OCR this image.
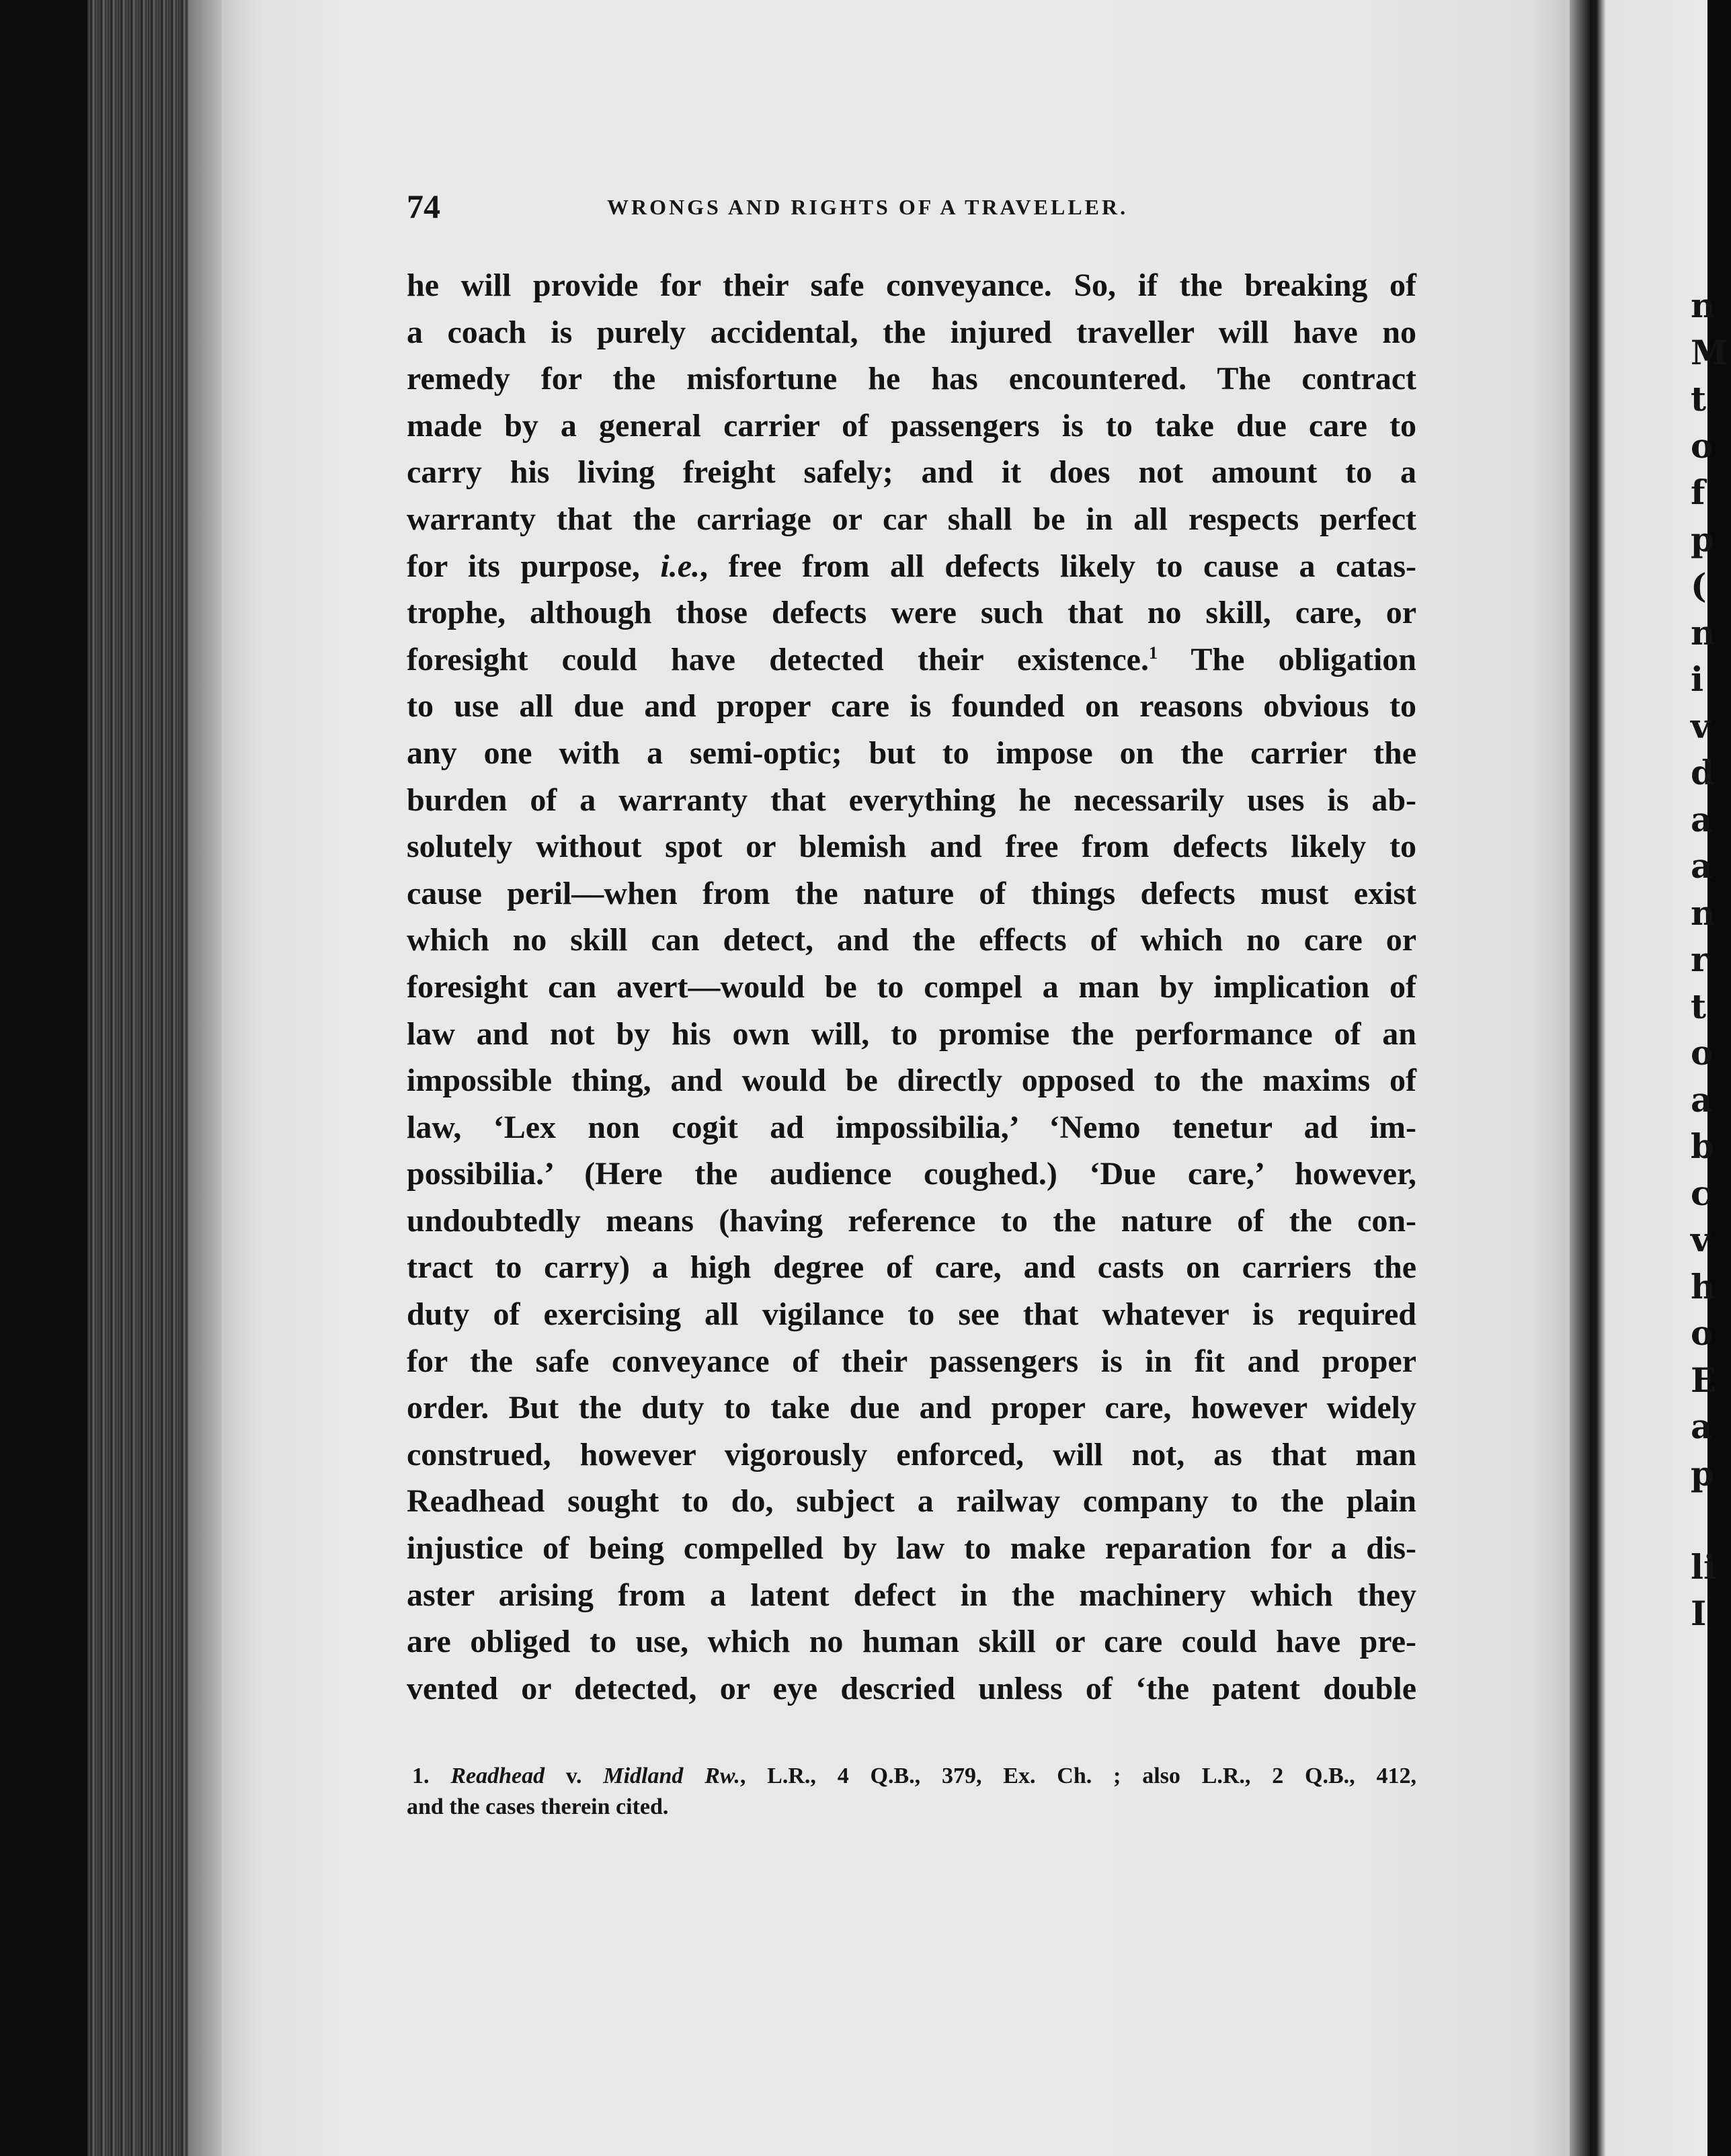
n
M
t
o
f
p
(
n
i
v
d
a
a
n
r
t
o
a
b
c
v
h
o
E
a
p
li
I
74	WRONGS AND RIGHTS OF A TRAVELLER.
he will provide for their safe conveyance. So, if the breaking of
a coach is purely accidental, the injured traveller will have no
remedy for the misfortune he has encountered. The contract
made by a general carrier of passengers is to take due care to
carry his living freight safely; and it does not amount to a
warranty that the carriage or car shall be in all respects perfect
for its purpose, i.e., free from all defects likely to cause a catas-
trophe, although those defects were such that no skill, care, or
foresight could have detected their existence.$^1$ The obligation
to use all due and proper care is founded on reasons obvious to
any one with a semi-optic; but to impose on the carrier the
burden of a warranty that everything he necessarily uses is ab-
solutely without spot or blemish and free from defects likely to
cause peril—when from the nature of things defects must exist
which no skill can detect, and the effects of which no care or
foresight can avert—would be to compel a man by implication of
law and not by his own will, to promise the performance of an
impossible thing, and would be directly opposed to the maxims of
law, ‘Lex non cogit ad impossibilia,’ ‘Nemo tenetur ad im-
possibilia.’ (Here the audience coughed.) ‘Due care,’ however,
undoubtedly means (having reference to the nature of the con-
tract to carry) a high degree of care, and casts on carriers the
duty of exercising all vigilance to see that whatever is required
for the safe conveyance of their passengers is in fit and proper
order. But the duty to take due and proper care, however widely
construed, however vigorously enforced, will not, as that man
Readhead sought to do, subject a railway company to the plain
injustice of being compelled by law to make reparation for a dis-
aster arising from a latent defect in the machinery which they
are obliged to use, which no human skill or care could have pre-
vented or detected, or eye descried unless of ‘the patent double
1. Readhead v. Midland Rw., L.R., 4 Q.B., 379, Ex. Ch. ; also L.R., 2 Q.B., 412,
and the cases therein cited.
